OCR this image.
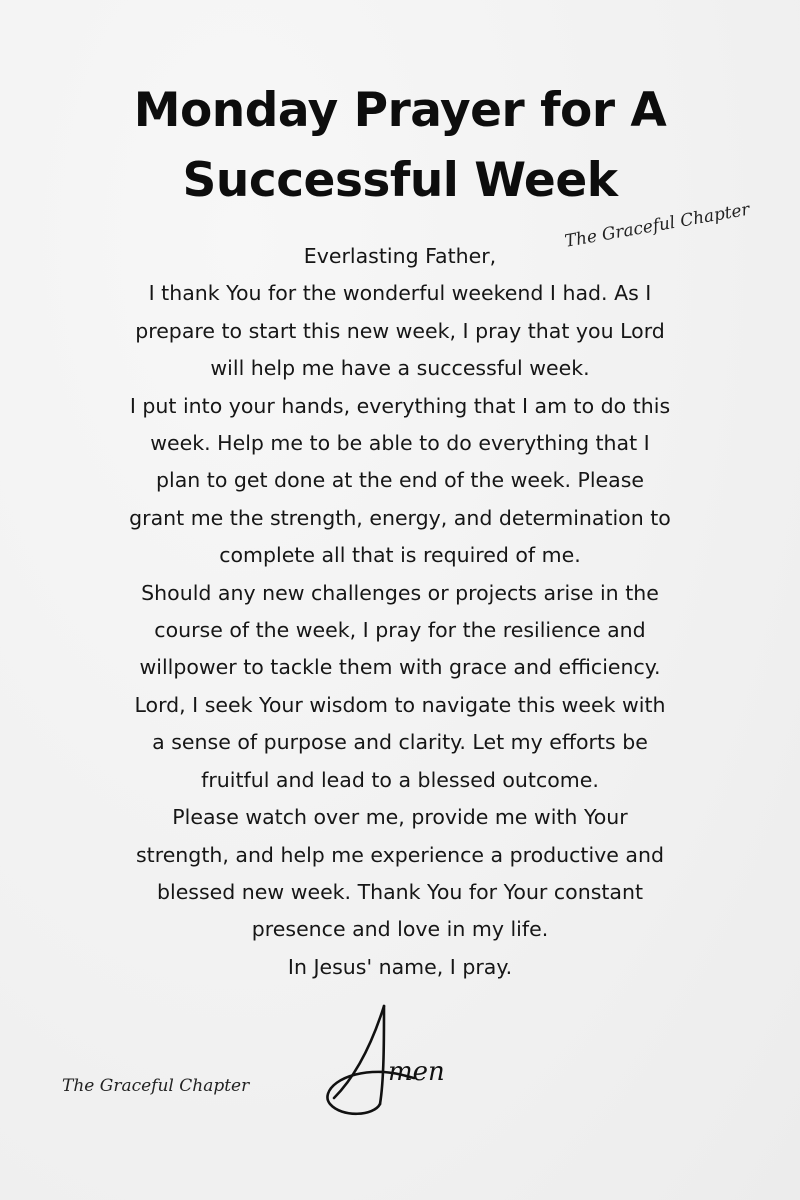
Monday Prayer for A
Successful Week
The Graceful Chapter
Everlasting Father,
I thank You for the wonderful weekend I had. As I
prepare to start this new week, I pray that you Lord
will help me have a successful week.
I put into your hands, everything that I am to do this
week. Help me to be able to do everything that I
plan to get done at the end of the week. Please
grant me the strength, energy, and determination to
complete all that is required of me.
Should any new challenges or projects arise in the
course of the week, I pray for the resilience and
willpower to tackle them with grace and efficiency.
Lord, I seek Your wisdom to navigate this week with
a sense of purpose and clarity. Let my efforts be
fruitful and lead to a blessed outcome.
Please watch over me, provide me with Your
strength, and help me experience a productive and
blessed new week. Thank You for Your constant
presence and love in my life.
In Jesus' name, I pray.
The Graceful Chapter	men
